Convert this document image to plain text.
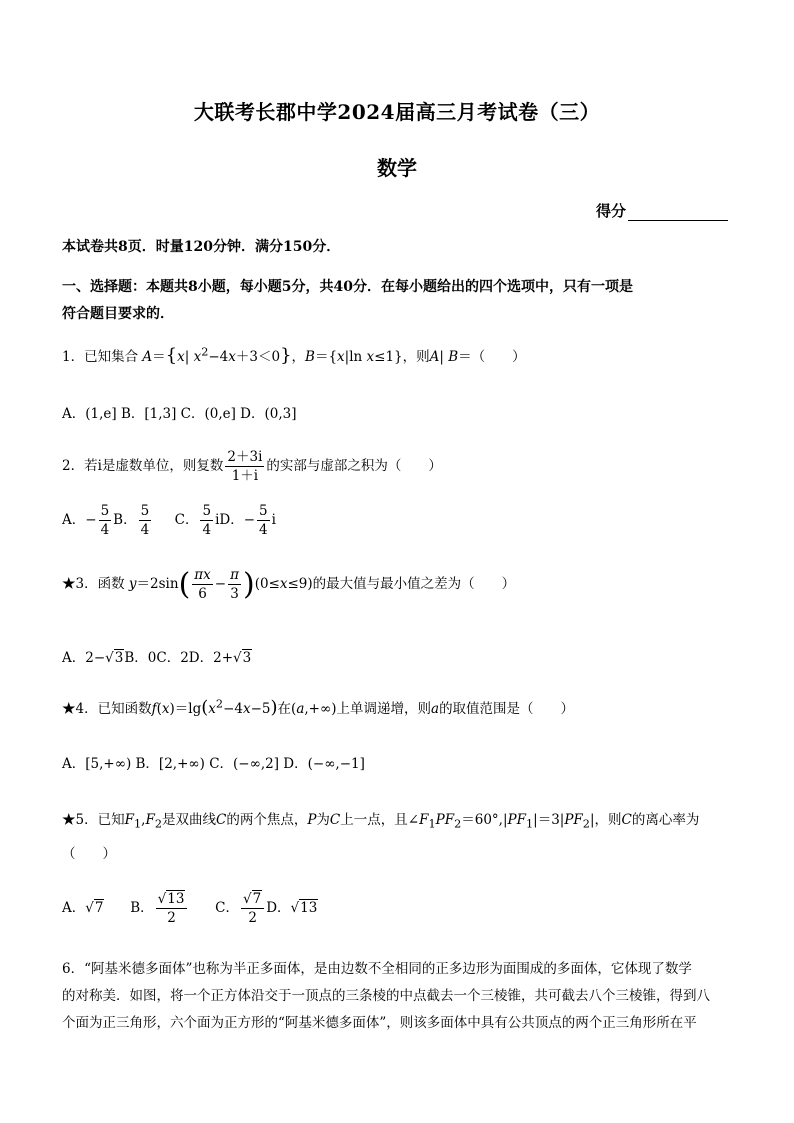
大联考长郡中学2024届高三月考试卷（三）
数学
得分
本试卷共8页．时量120分钟．满分150分．
一、选择题：本题共8小题，每小题5分，共40分．在每小题给出的四个选项中，只有一项是
符合题目要求的．
1．已知集合 A＝{x| $x^2-4x+3<0$}，B＝{x|ln x≤1}，则A| B＝（　　）
A．(1,e] B．[1,3] C．(0,e] D．(0,3]
2．若i是虚数单位，则复数 $\frac{2+3i}{1+i}$ 的实部与虚部之积为（　　）
A．− $\frac{5}{4}$ B． $\frac{5}{4}$ C． $\frac{5}{4}$ iD．− $\frac{5}{4}$ i
★3．函数 $y=2\sin( \frac{\pi x}{6} - \frac{\pi}{3} )(0\le x\le 9)$的最大值与最小值之差为（　　）
A．2−√3B．0C．2D．2+√3
★4．已知函数$f(x)=\lg(x^2-4x-5)$在(a,+∞)上单调递增，则a的取值范围是（　　）
A．[5,+∞) B．[2,+∞) C．(−∞,2] D．(−∞,−1]
★5．已知$F_1,F_2$是双曲线C的两个焦点，P为C上一点，且$\angle F_1PF_2=60^\circ,|PF_1|=3|PF_2|$，则C的离心率为
（　　）
A．√7 B． $\frac{√13}{2}$ C． $\frac{√7}{2}$ D．√13
6．“阿基米德多面体”也称为半正多面体，是由边数不全相同的正多边形为面围成的多面体，它体现了数学
的对称美．如图，将一个正方体沿交于一顶点的三条棱的中点截去一个三棱锥，共可截去八个三棱锥，得到八
个面为正三角形，六个面为正方形的“阿基米德多面体”，则该多面体中具有公共顶点的两个正三角形所在平
